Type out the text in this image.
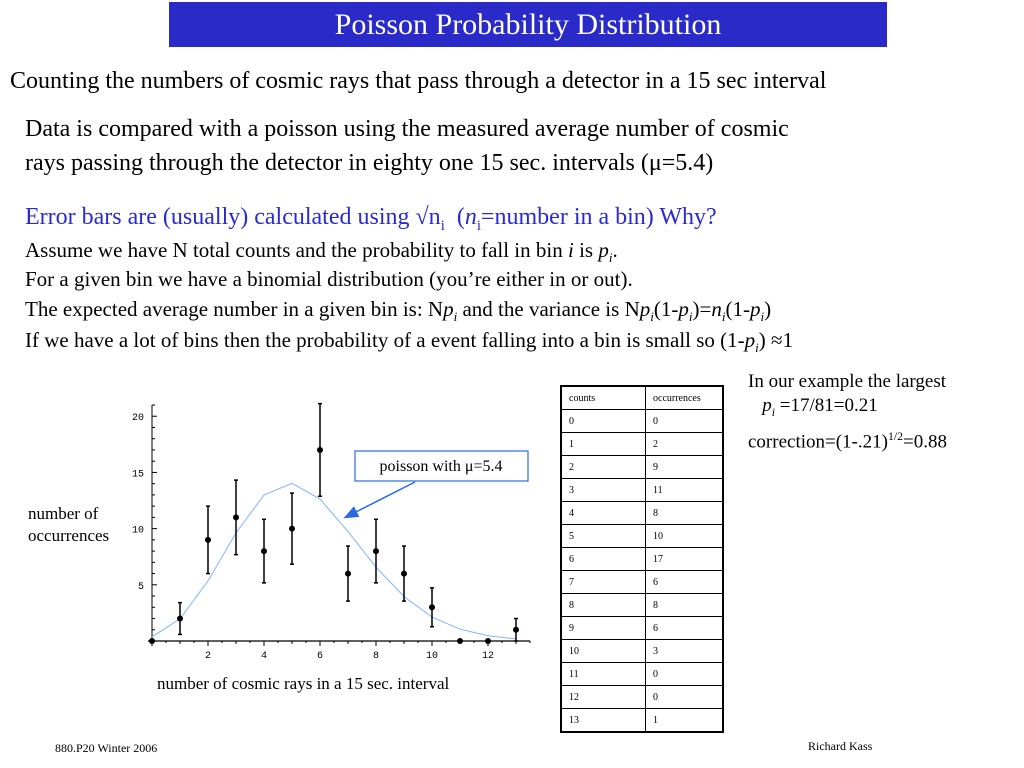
Poisson Probability Distribution
Counting the numbers of cosmic rays that pass through a detector in a 15 sec interval
Data is compared with a poisson using the measured average number of cosmic
rays passing through the detector in eighty one 15 sec. intervals (μ=5.4)
Error bars are (usually) calculated using $√n_i$ ($n_i=number$ in a bin) Why?
Assume we have N total counts and the probability to fall in bin i is $p_i$.
For a given bin we have a binomial distribution (you’re either in or out).
The expected average number in a given bin is: $Np_i$ and the variance is $Np_i(1-p_i)=n_i(1-p_i)$
If we have a lot of bins then the probability of a event falling into a bin is small so $(1-p_i) \approx 1$
In our example the largest
$p_i =17/81=0.21$
$correction=(1-.21)^{1/2}=0.88$
counts	occurrences
0	0
1	2
2	9
3	11
4	8
5	10
6	17
7	6
8	8
9	6
10	3
11	0
12	0
13	1
2	4	6	8	10	12
5
10
15
20
poisson with μ=5.4
number of occurrences
number of cosmic rays in a 15 sec. interval
880.P20 Winter 2006	Richard Kass
